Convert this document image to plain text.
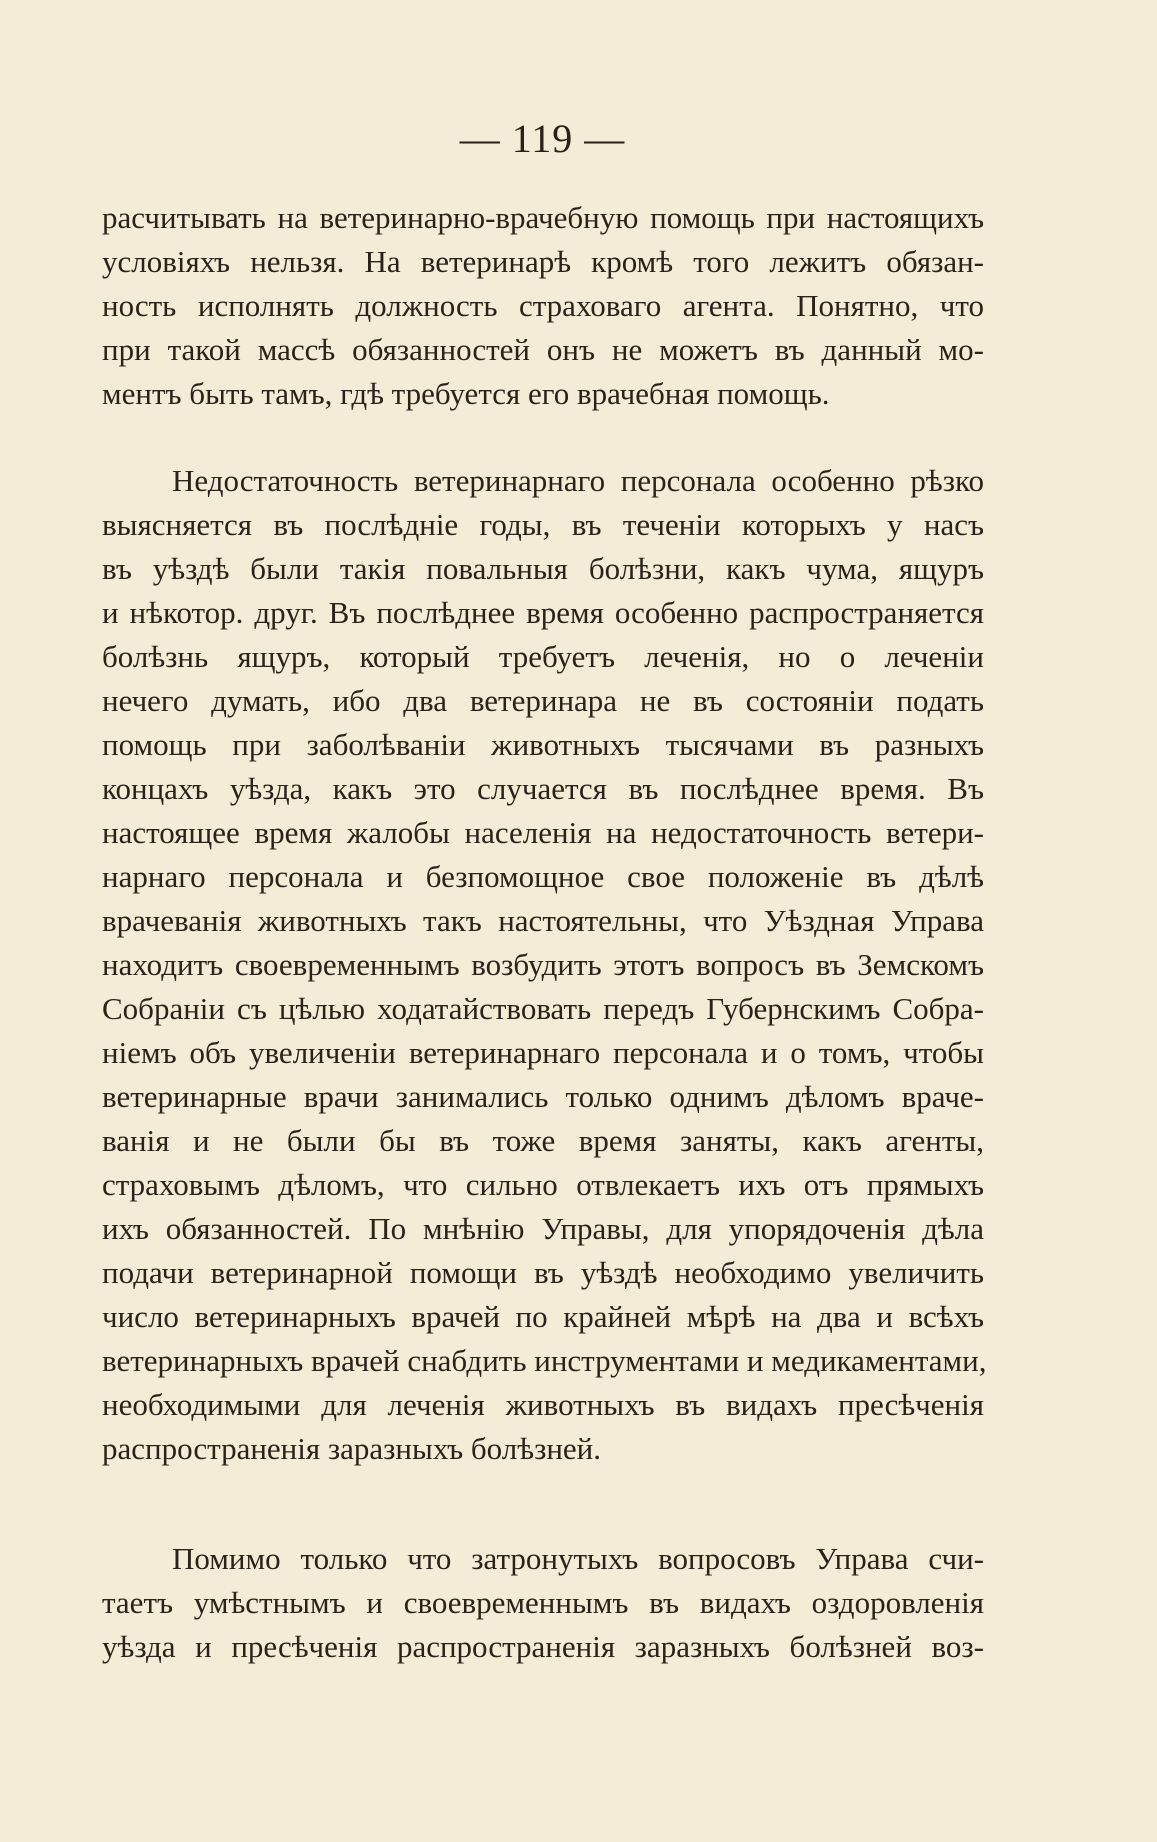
— 119 —
расчитывать на ветеринарно-врачебную помощь при настоящихъ
условіяхъ нельзя. На ветеринарѣ кромѣ того лежитъ обязан-
ность исполнять должность страховаго агента. Понятно, что
при такой массѣ обязанностей онъ не можетъ въ данный мо-
ментъ быть тамъ, гдѣ требуется его врачебная помощь.
Недостаточность ветеринарнаго персонала особенно рѣзко
выясняется въ послѣдніе годы, въ теченіи которыхъ у насъ
въ уѣздѣ были такія повальныя болѣзни, какъ чума, ящуръ
и нѣкотор. друг. Въ послѣднее время особенно распространяется
болѣзнь ящуръ, который требуетъ леченія, но о леченіи
нечего думать, ибо два ветеринара не въ состояніи подать
помощь при заболѣваніи животныхъ тысячами въ разныхъ
концахъ уѣзда, какъ это случается въ послѣднее время. Въ
настоящее время жалобы населенія на недостаточность ветери-
нарнаго персонала и безпомощное свое положеніе въ дѣлѣ
врачеванія животныхъ такъ настоятельны, что Уѣздная Управа
находитъ своевременнымъ возбудить этотъ вопросъ въ Земскомъ
Собраніи съ цѣлью ходатайствовать передъ Губернскимъ Собра-
ніемъ объ увеличеніи ветеринарнаго персонала и о томъ, чтобы
ветеринарные врачи занимались только однимъ дѣломъ враче-
ванія и не были бы въ тоже время заняты, какъ агенты,
страховымъ дѣломъ, что сильно отвлекаетъ ихъ отъ прямыхъ
ихъ обязанностей. По мнѣнію Управы, для упорядоченія дѣла
подачи ветеринарной помощи въ уѣздѣ необходимо увеличить
число ветеринарныхъ врачей по крайней мѣрѣ на два и всѣхъ
ветеринарныхъ врачей снабдить инструментами и медикаментами,
необходимыми для леченія животныхъ въ видахъ пресѣченія
распространенія заразныхъ болѣзней.
Помимо только что затронутыхъ вопросовъ Управа счи-
таетъ умѣстнымъ и своевременнымъ въ видахъ оздоровленія
уѣзда и пресѣченія распространенія заразныхъ болѣзней воз-
